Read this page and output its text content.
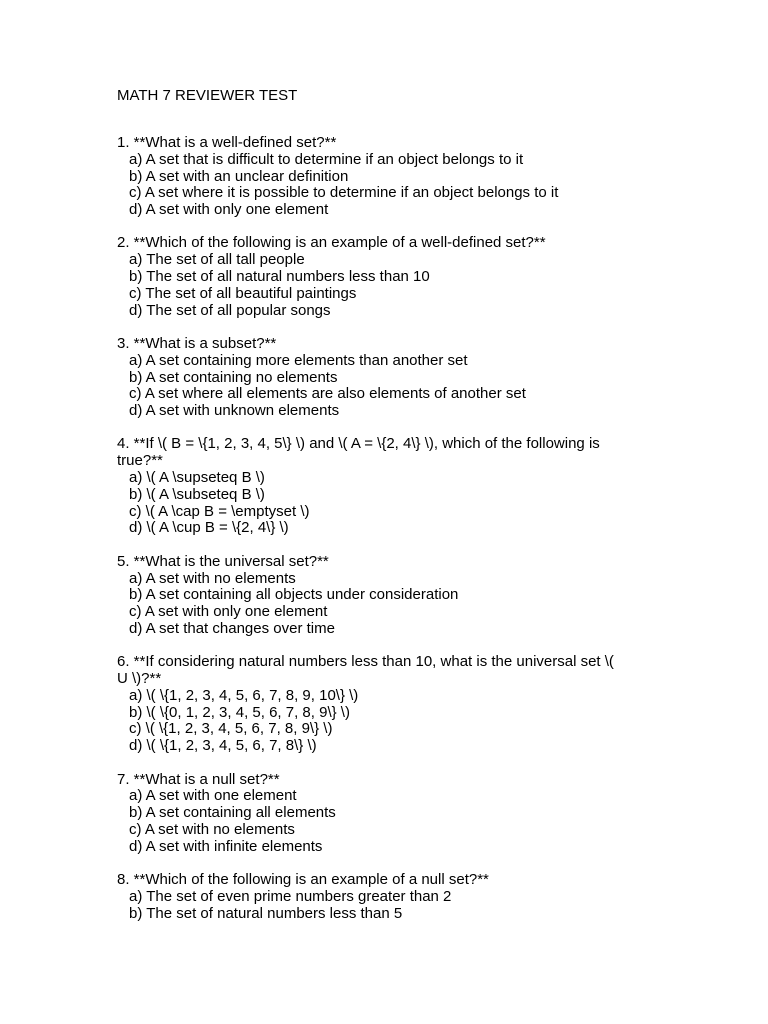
MATH 7 REVIEWER TEST
1. **What is a well-defined set?**
a) A set that is difficult to determine if an object belongs to it
b) A set with an unclear definition
c) A set where it is possible to determine if an object belongs to it
d) A set with only one element
2. **Which of the following is an example of a well-defined set?**
a) The set of all tall people
b) The set of all natural numbers less than 10
c) The set of all beautiful paintings
d) The set of all popular songs
3. **What is a subset?**
a) A set containing more elements than another set
b) A set containing no elements
c) A set where all elements are also elements of another set
d) A set with unknown elements
4. **If \( B = \{1, 2, 3, 4, 5\} \) and \( A = \{2, 4\} \), which of the following is true?**
a) \( A \supseteq B \)
b) \( A \subseteq B \)
c) \( A \cap B = \emptyset \)
d) \( A \cup B = \{2, 4\} \)
5. **What is the universal set?**
a) A set with no elements
b) A set containing all objects under consideration
c) A set with only one element
d) A set that changes over time
6. **If considering natural numbers less than 10, what is the universal set \( U \)?**
a) \( \{1, 2, 3, 4, 5, 6, 7, 8, 9, 10\} \)
b) \( \{0, 1, 2, 3, 4, 5, 6, 7, 8, 9\} \)
c) \( \{1, 2, 3, 4, 5, 6, 7, 8, 9\} \)
d) \( \{1, 2, 3, 4, 5, 6, 7, 8\} \)
7. **What is a null set?**
a) A set with one element
b) A set containing all elements
c) A set with no elements
d) A set with infinite elements
8. **Which of the following is an example of a null set?**
a) The set of even prime numbers greater than 2
b) The set of natural numbers less than 5
